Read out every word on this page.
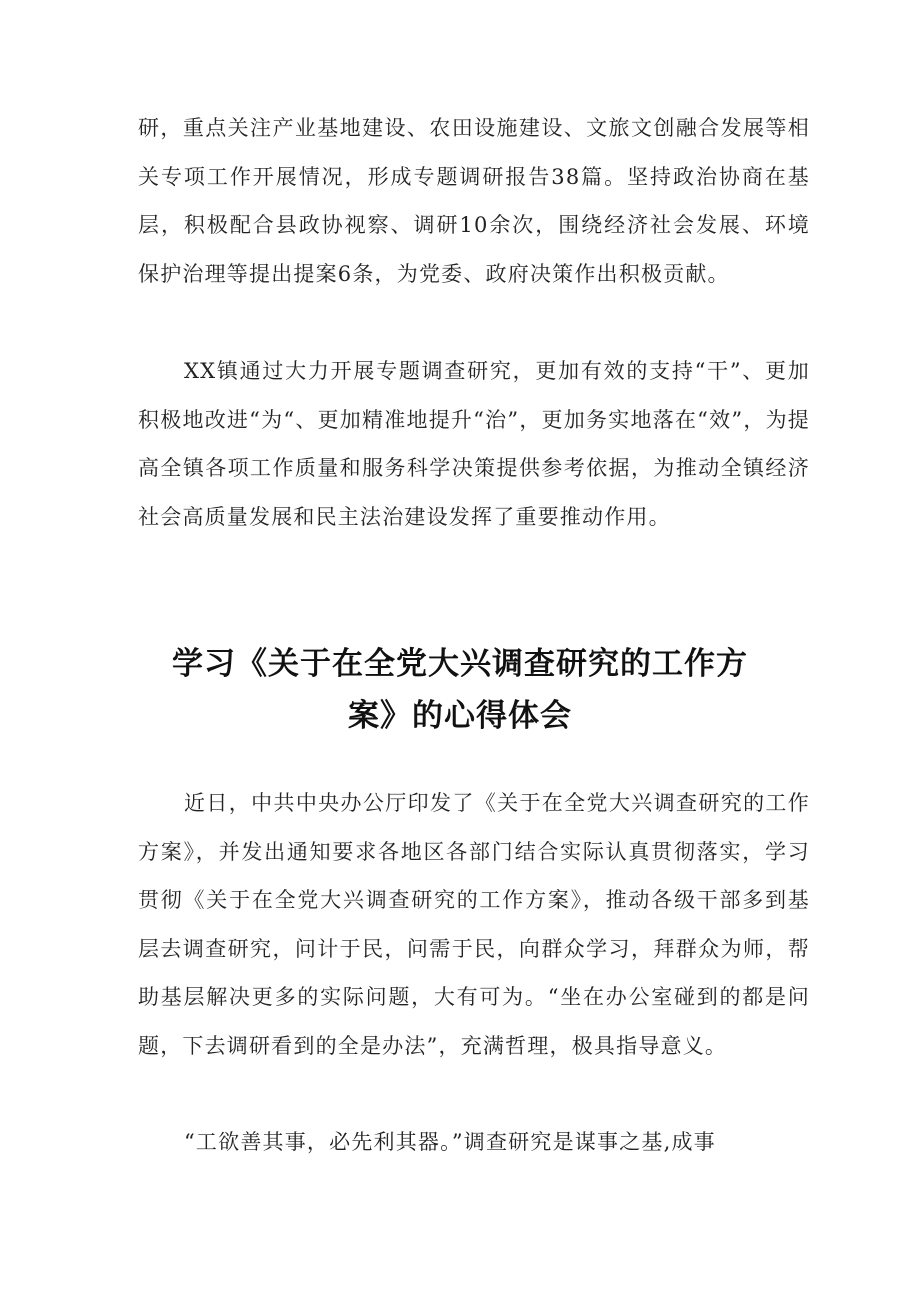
研，重点关注产业基地建设、农田设施建设、文旅文创融合发展等相关专项工作开展情况，形成专题调研报告38篇。坚持政治协商在基层，积极配合县政协视察、调研10余次，围绕经济社会发展、环境保护治理等提出提案6条，为党委、政府决策作出积极贡献。

XX镇通过大力开展专题调查研究，更加有效的支持“干”、更加积极地改进“为“、更加精准地提升“治”，更加务实地落在“效”，为提高全镇各项工作质量和服务科学决策提供参考依据，为推动全镇经济社会高质量发展和民主法治建设发挥了重要推动作用。

学习《关于在全党大兴调查研究的工作方
案》的心得体会

近日，中共中央办公厅印发了《关于在全党大兴调查研究的工作方案》，并发出通知要求各地区各部门结合实际认真贯彻落实，学习贯彻《关于在全党大兴调查研究的工作方案》，推动各级干部多到基层去调查研究，问计于民，问需于民，向群众学习，拜群众为师，帮助基层解决更多的实际问题，大有可为。“坐在办公室碰到的都是问题，下去调研看到的全是办法”，充满哲理，极具指导意义。

“工欲善其事，必先利其器。”调查研究是谋事之基,成事
